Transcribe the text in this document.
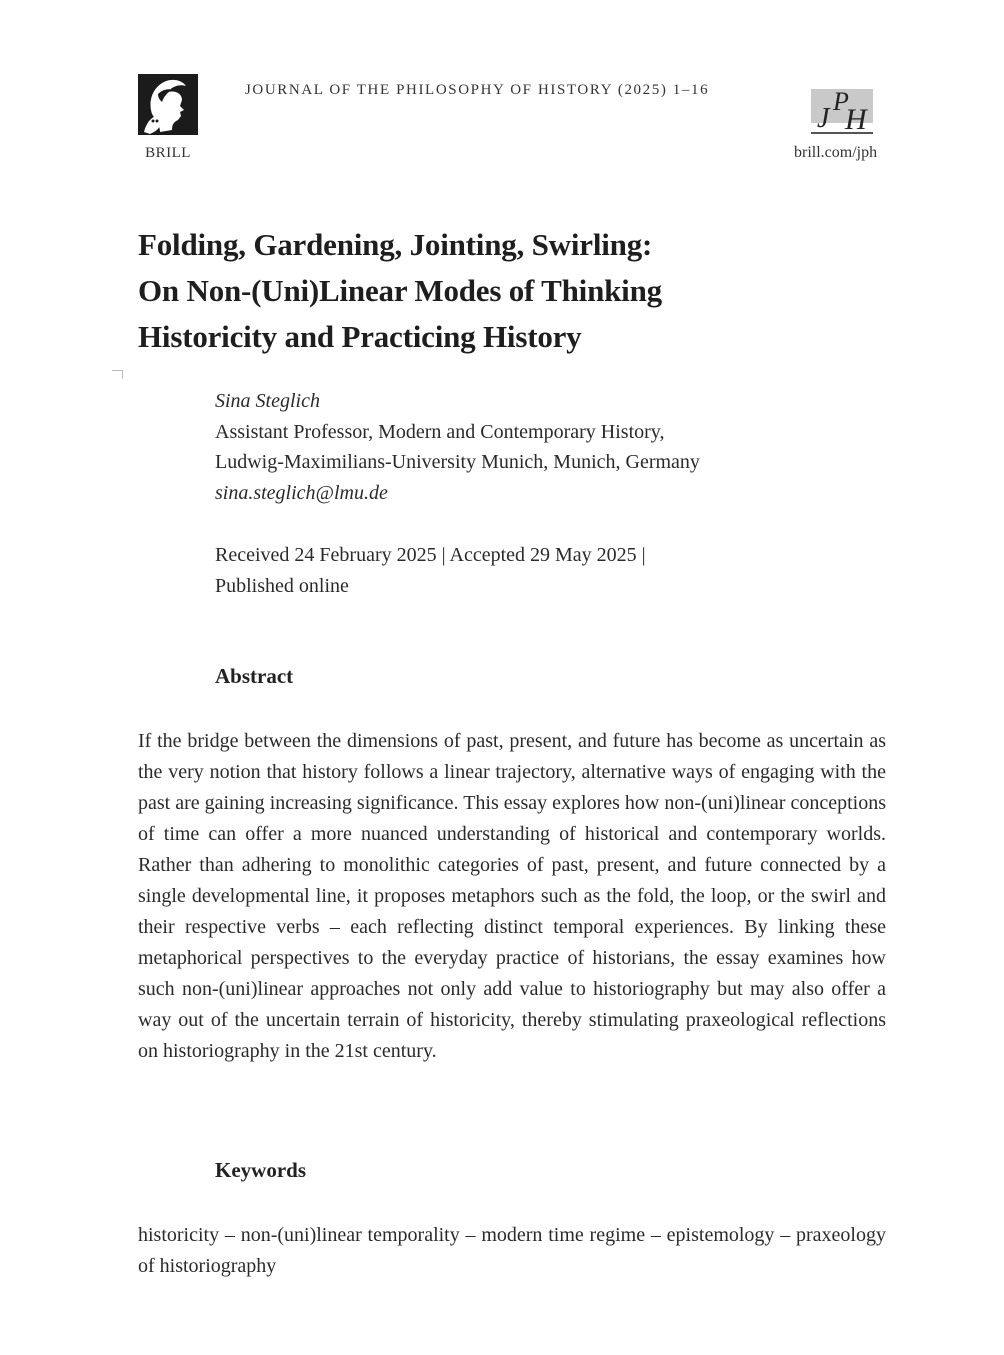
BRILL
JOURNAL OF THE PHILOSOPHY OF HISTORY (2025) 1–16
J
P
H
brill.com/jph
Folding, Gardening, Jointing, Swirling:
On Non-(Uni)Linear Modes of Thinking
Historicity and Practicing History
Sina Steglich
Assistant Professor, Modern and Contemporary History,
Ludwig-Maximilians-University Munich, Munich, Germany
sina.steglich@lmu.de
Received 24 February 2025 | Accepted 29 May 2025 |
Published online
Abstract
If the bridge between the dimensions of past, present, and future has become as uncertain as the very notion that history follows a linear trajectory, alternative ways of engaging with the past are gaining increasing significance. This essay explores how non-(uni)linear conceptions of time can offer a more nuanced understanding of historical and contemporary worlds. Rather than adhering to monolithic categories of past, present, and future connected by a single developmental line, it proposes metaphors such as the fold, the loop, or the swirl and their respective verbs – each reflecting distinct temporal experiences. By linking these metaphorical perspectives to the everyday practice of historians, the essay examines how such non-(uni)linear approaches not only add value to historiography but may also offer a way out of the uncertain terrain of historicity, thereby stimulating praxeological reflections on historiography in the 21st century.
Keywords
historicity – non-(uni)linear temporality – modern time regime – epistemology – praxeology of historiography
